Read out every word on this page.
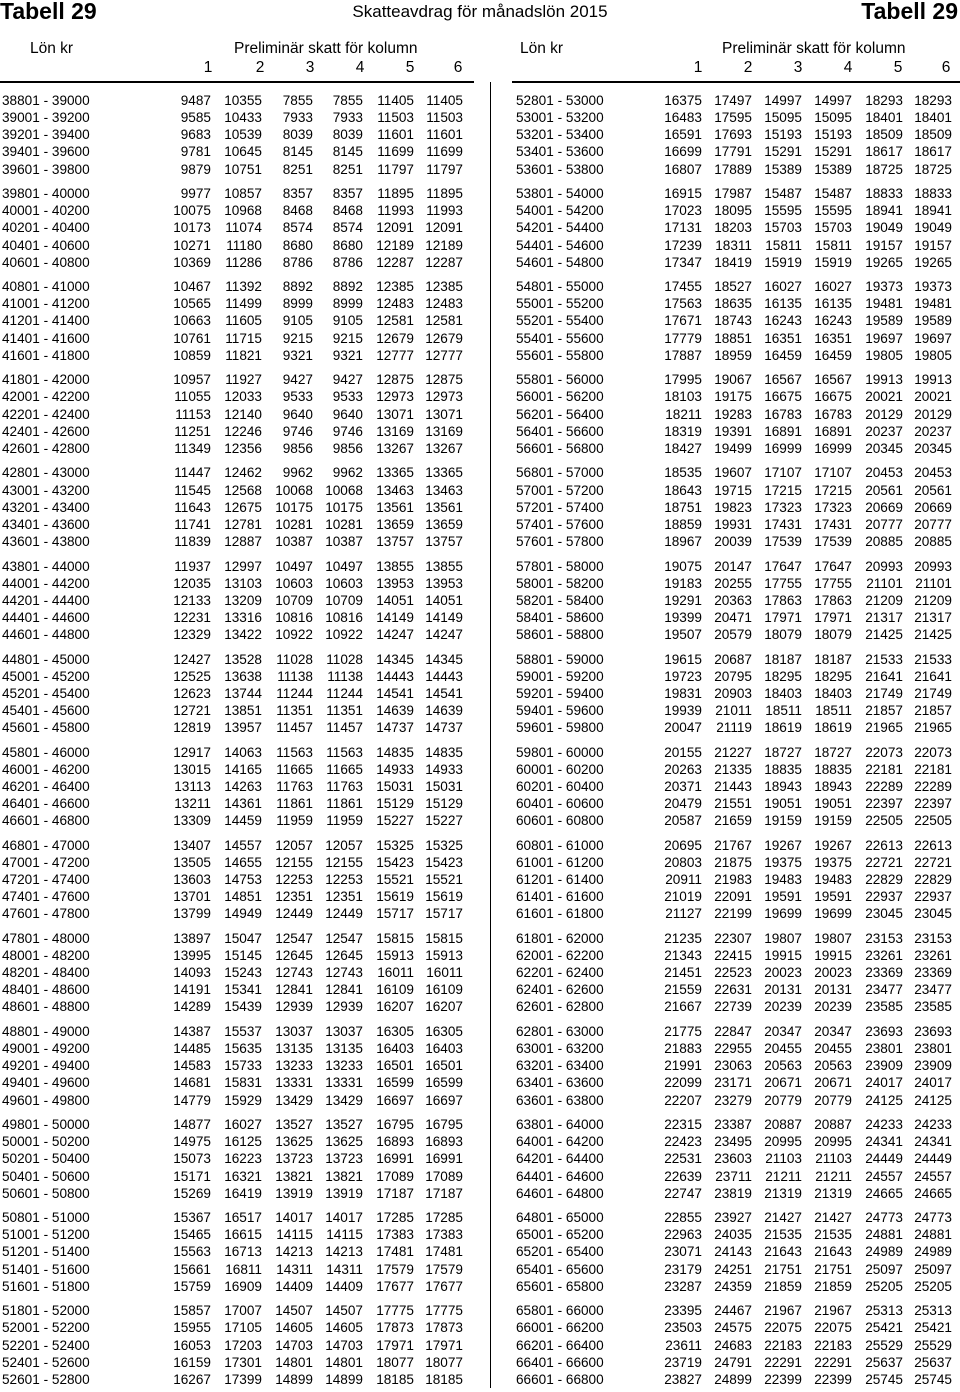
Tabell 29	Skatteavdrag för månadslön 2015	Tabell 29
Lön kr	Preliminär skatt för kolumn
1	2	3	4	5	6
38801 - 39000	9487 10355	7855	7855	11405 11405
39001 - 39200	9585 10433	7933	7933	11503 11503
39201 - 39400	9683 10539	8039	8039	11601 11601
39401 - 39600	9781 10645	8145	8145	11699 11699
39601 - 39800	9879 10751	8251	8251	11797 11797
39801 - 40000	9977 10857	8357	8357	11895 11895
40001 - 40200	10075 10968	8468	8468	11993 11993
40201 - 40400	10173	11074	8574	8574 12091 12091
40401 - 40600	10271	11180	8680	8680 12189 12189
40601 - 40800	10369	11286	8786	8786 12287 12287
40801 - 41000	10467	11392	8892	8892 12385 12385
41001 - 41200	10565	11499	8999	8999 12483 12483
41201 - 41400	10663	11605	9105	9105 12581 12581
41401 - 41600	10761	11715	9215	9215 12679 12679
41601 - 41800	10859	11821	9321	9321 12777 12777
41801 - 42000	10957	11927	9427	9427 12875 12875
42001 - 42200	11055 12033	9533	9533 12973 12973
42201 - 42400	11153 12140	9640	9640 13071 13071
42401 - 42600	11251 12246	9746	9746 13169 13169
42601 - 42800	11349 12356	9856	9856 13267 13267
42801 - 43000	11447 12462	9962	9962 13365 13365
43001 - 43200	11545 12568 10068 10068 13463 13463
43201 - 43400	11643 12675 10175 10175 13561 13561
43401 - 43600	11741 12781 10281 10281 13659 13659
43601 - 43800	11839 12887 10387 10387 13757 13757
43801 - 44000	11937 12997 10497 10497 13855 13855
44001 - 44200	12035 13103 10603 10603 13953 13953
44201 - 44400	12133 13209 10709 10709 14051 14051
44401 - 44600	12231 13316 10816 10816 14149 14149
44601 - 44800	12329 13422 10922 10922 14247 14247
44801 - 45000	12427 13528	11028 11028 14345 14345
45001 - 45200	12525 13638	11138	11138 14443 14443
45201 - 45400	12623 13744	11244 11244 14541 14541
45401 - 45600	12721 13851	11351 11351 14639 14639
45601 - 45800	12819 13957	11457 11457 14737 14737
45801 - 46000	12917 14063	11563 11563 14835 14835
46001 - 46200	13015 14165	11665 11665 14933 14933
46201 - 46400	13113 14263	11763 11763 15031 15031
46401 - 46600	13211 14361	11861 11861 15129 15129
46601 - 46800	13309 14459	11959 11959 15227 15227
46801 - 47000	13407 14557 12057 12057 15325 15325
47001 - 47200	13505 14655 12155 12155 15423 15423
47201 - 47400	13603 14753 12253 12253 15521 15521
47401 - 47600	13701 14851 12351 12351 15619 15619
47601 - 47800	13799 14949 12449 12449 15717 15717
47801 - 48000	13897 15047 12547 12547 15815 15815
48001 - 48200	13995 15145 12645 12645 15913 15913
48201 - 48400	14093 15243 12743 12743	16011 16011
48401 - 48600	14191 15341 12841 12841 16109 16109
48601 - 48800	14289 15439 12939 12939 16207 16207
48801 - 49000	14387 15537 13037 13037 16305 16305
49001 - 49200	14485 15635 13135 13135 16403 16403
49201 - 49400	14583 15733 13233 13233 16501 16501
49401 - 49600	14681 15831 13331 13331 16599 16599
49601 - 49800	14779 15929 13429 13429 16697 16697
49801 - 50000	14877 16027 13527 13527 16795 16795
50001 - 50200	14975 16125 13625 13625 16893 16893
50201 - 50400	15073 16223 13723 13723 16991 16991
50401 - 50600	15171 16321 13821 13821 17089 17089
50601 - 50800	15269 16419 13919 13919 17187 17187
50801 - 51000	15367 16517 14017 14017 17285 17285
51001 - 51200	15465 16615	14115 14115 17383 17383
51201 - 51400	15563 16713 14213 14213 17481 17481
51401 - 51600	15661	16811	14311 14311 17579 17579
51601 - 51800	15759 16909 14409 14409 17677 17677
51801 - 52000	15857 17007 14507 14507 17775 17775
52001 - 52200	15955 17105 14605 14605 17873 17873
52201 - 52400	16053 17203 14703 14703 17971 17971
52401 - 52600	16159 17301 14801 14801 18077 18077
52601 - 52800	16267 17399 14899 14899 18185 18185
Lön kr	Preliminär skatt för kolumn
1	2	3	4	5	6
52801 - 53000	16375 17497 14997 14997 18293 18293
53001 - 53200	16483 17595 15095 15095 18401 18401
53201 - 53400	16591 17693 15193 15193 18509 18509
53401 - 53600	16699 17791 15291 15291 18617 18617
53601 - 53800	16807 17889 15389 15389 18725 18725
53801 - 54000	16915 17987 15487 15487 18833 18833
54001 - 54200	17023 18095 15595 15595 18941 18941
54201 - 54400	17131 18203 15703 15703 19049 19049
54401 - 54600	17239 18311 15811 15811 19157 19157
54601 - 54800	17347 18419 15919 15919 19265 19265
54801 - 55000	17455 18527 16027 16027 19373 19373
55001 - 55200	17563 18635 16135 16135 19481 19481
55201 - 55400	17671 18743 16243 16243 19589 19589
55401 - 55600	17779 18851 16351 16351 19697 19697
55601 - 55800	17887 18959 16459 16459 19805 19805
55801 - 56000	17995 19067 16567 16567 19913 19913
56001 - 56200	18103 19175 16675 16675 20021 20021
56201 - 56400	18211 19283 16783 16783 20129 20129
56401 - 56600	18319 19391 16891 16891 20237 20237
56601 - 56800	18427 19499 16999 16999 20345 20345
56801 - 57000	18535 19607 17107 17107 20453 20453
57001 - 57200	18643 19715 17215 17215 20561 20561
57201 - 57400	18751 19823 17323 17323 20669 20669
57401 - 57600	18859 19931 17431 17431 20777 20777
57601 - 57800	18967 20039 17539 17539 20885 20885
57801 - 58000	19075 20147 17647 17647 20993 20993
58001 - 58200	19183 20255 17755 17755	21101 21101
58201 - 58400	19291 20363 17863 17863 21209 21209
58401 - 58600	19399 20471 17971 17971 21317 21317
58601 - 58800	19507 20579 18079 18079 21425 21425
58801 - 59000	19615 20687 18187 18187 21533 21533
59001 - 59200	19723 20795 18295 18295 21641 21641
59201 - 59400	19831 20903 18403 18403 21749 21749
59401 - 59600	19939 21011 18511 18511 21857 21857
59601 - 59800	20047	21119 18619 18619 21965 21965
59801 - 60000	20155 21227 18727 18727 22073 22073
60001 - 60200	20263 21335 18835 18835 22181 22181
60201 - 60400	20371 21443 18943 18943 22289 22289
60401 - 60600	20479 21551 19051 19051 22397 22397
60601 - 60800	20587 21659 19159 19159 22505 22505
60801 - 61000	20695 21767 19267 19267 22613 22613
61001 - 61200	20803 21875 19375 19375 22721 22721
61201 - 61400	20911 21983 19483 19483 22829 22829
61401 - 61600	21019 22091 19591 19591 22937 22937
61601 - 61800	21127 22199 19699 19699 23045 23045
61801 - 62000	21235 22307 19807 19807 23153 23153
62001 - 62200	21343 22415 19915 19915 23261 23261
62201 - 62400	21451 22523 20023 20023 23369 23369
62401 - 62600	21559 22631 20131 20131 23477 23477
62601 - 62800	21667 22739 20239 20239 23585 23585
62801 - 63000	21775 22847 20347 20347 23693 23693
63001 - 63200	21883 22955 20455 20455 23801 23801
63201 - 63400	21991 23063 20563 20563 23909 23909
63401 - 63600	22099 23171 20671 20671 24017 24017
63601 - 63800	22207 23279 20779 20779 24125 24125
63801 - 64000	22315 23387 20887 20887 24233 24233
64001 - 64200	22423 23495 20995 20995 24341 24341
64201 - 64400	22531 23603 21103 21103 24449 24449
64401 - 64600	22639 23711 21211 21211 24557 24557
64601 - 64800	22747 23819 21319 21319 24665 24665
64801 - 65000	22855 23927 21427 21427 24773 24773
65001 - 65200	22963 24035 21535 21535 24881 24881
65201 - 65400	23071 24143 21643 21643 24989 24989
65401 - 65600	23179 24251 21751 21751 25097 25097
65601 - 65800	23287 24359 21859 21859 25205 25205
65801 - 66000	23395 24467 21967 21967 25313 25313
66001 - 66200	23503 24575 22075 22075 25421 25421
66201 - 66400	23611 24683 22183 22183 25529 25529
66401 - 66600	23719 24791 22291 22291 25637 25637
66601 - 66800	23827 24899 22399 22399 25745 25745
